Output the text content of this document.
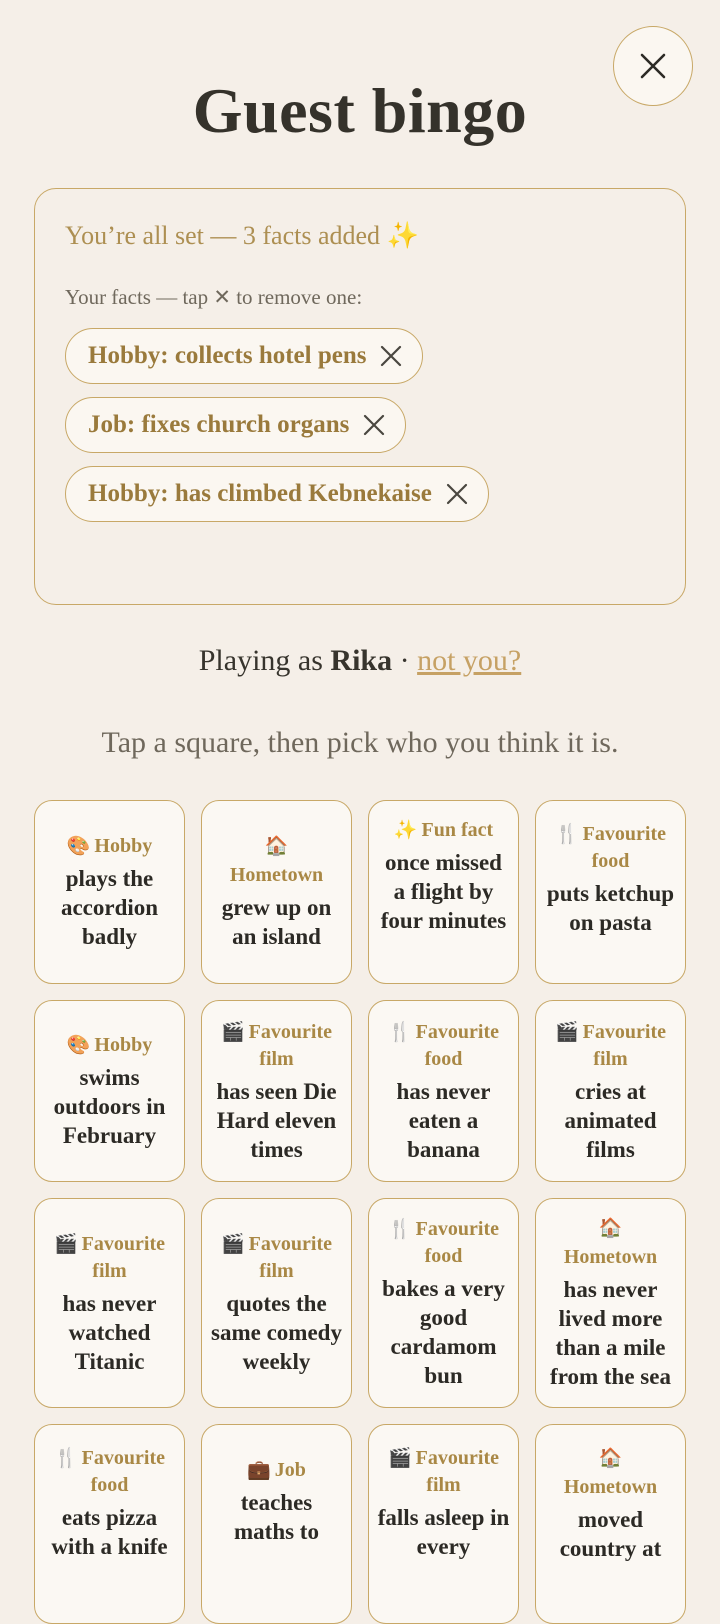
Guest bingo
You’re all set — 3 facts added ✨
Your facts — tap ✕ to remove one:
Hobby: collects hotel pens
Job: fixes church organs
Hobby: has climbed Kebnekaise
Playing as Rika · not you?
Tap a square, then pick who you think it is.
🎨 Hobby
plays the accordion badly
🏠
Hometown
grew up on an island
✨ Fun fact
once missed a flight by four minutes
🍴 Favourite food
puts ketchup on pasta
🎨 Hobby
swims outdoors in February
🎬 Favourite film
has seen Die Hard eleven times
🍴 Favourite food
has never eaten a banana
🎬 Favourite film
cries at animated films
🎬 Favourite film
has never watched Titanic
🎬 Favourite film
quotes the same comedy weekly
🍴 Favourite food
bakes a very good cardamom bun
🏠
Hometown
has never lived more than a mile from the sea
🍴 Favourite food
eats pizza with a knife
💼 Job
teaches maths to
🎬 Favourite film
falls asleep in every
🏠
Hometown
moved country at
